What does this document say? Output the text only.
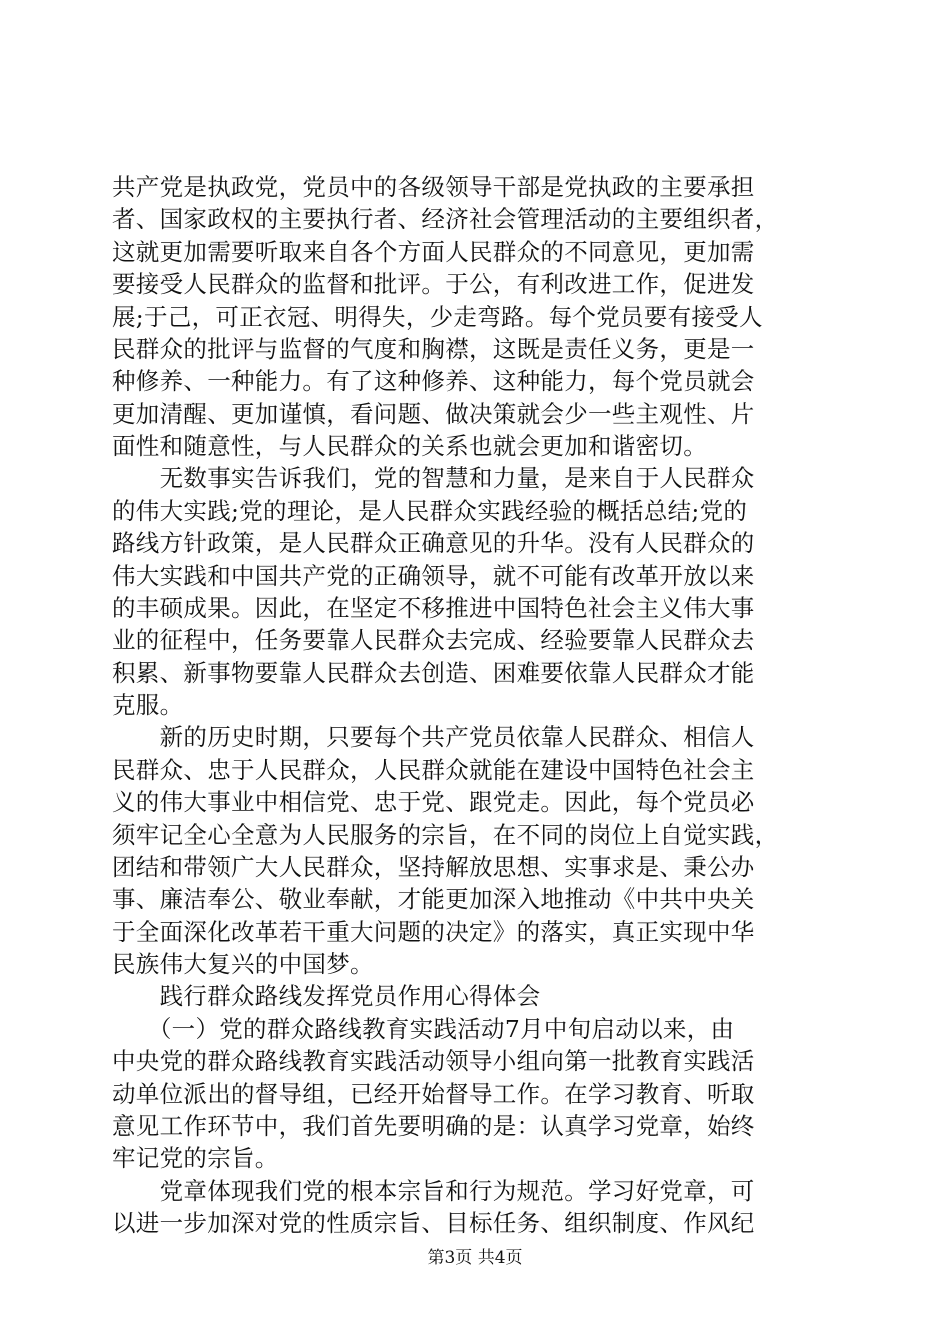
共产党是执政党，党员中的各级领导干部是党执政的主要承担
者、国家政权的主要执行者、经济社会管理活动的主要组织者，
这就更加需要听取来自各个方面人民群众的不同意见，更加需
要接受人民群众的监督和批评。于公，有利改进工作，促进发
展;于己，可正衣冠、明得失，少走弯路。每个党员要有接受人
民群众的批评与监督的气度和胸襟，这既是责任义务，更是一
种修养、一种能力。有了这种修养、这种能力，每个党员就会
更加清醒、更加谨慎，看问题、做决策就会少一些主观性、片
面性和随意性，与人民群众的关系也就会更加和谐密切。
　　无数事实告诉我们，党的智慧和力量，是来自于人民群众
的伟大实践;党的理论，是人民群众实践经验的概括总结;党的
路线方针政策，是人民群众正确意见的升华。没有人民群众的
伟大实践和中国共产党的正确领导，就不可能有改革开放以来
的丰硕成果。因此，在坚定不移推进中国特色社会主义伟大事
业的征程中，任务要靠人民群众去完成、经验要靠人民群众去
积累、新事物要靠人民群众去创造、困难要依靠人民群众才能
克服。
　　新的历史时期，只要每个共产党员依靠人民群众、相信人
民群众、忠于人民群众，人民群众就能在建设中国特色社会主
义的伟大事业中相信党、忠于党、跟党走。因此，每个党员必
须牢记全心全意为人民服务的宗旨，在不同的岗位上自觉实践，
团结和带领广大人民群众，坚持解放思想、实事求是、秉公办
事、廉洁奉公、敬业奉献，才能更加深入地推动《中共中央关
于全面深化改革若干重大问题的决定》的落实，真正实现中华
民族伟大复兴的中国梦。
　　践行群众路线发挥党员作用心得体会
　　（一）党的群众路线教育实践活动7月中旬启动以来，由
中央党的群众路线教育实践活动领导小组向第一批教育实践活
动单位派出的督导组，已经开始督导工作。在学习教育、听取
意见工作环节中，我们首先要明确的是：认真学习党章，始终
牢记党的宗旨。
　　党章体现我们党的根本宗旨和行为规范。学习好党章，可
以进一步加深对党的性质宗旨、目标任务、组织制度、作风纪
第3页 共4页
